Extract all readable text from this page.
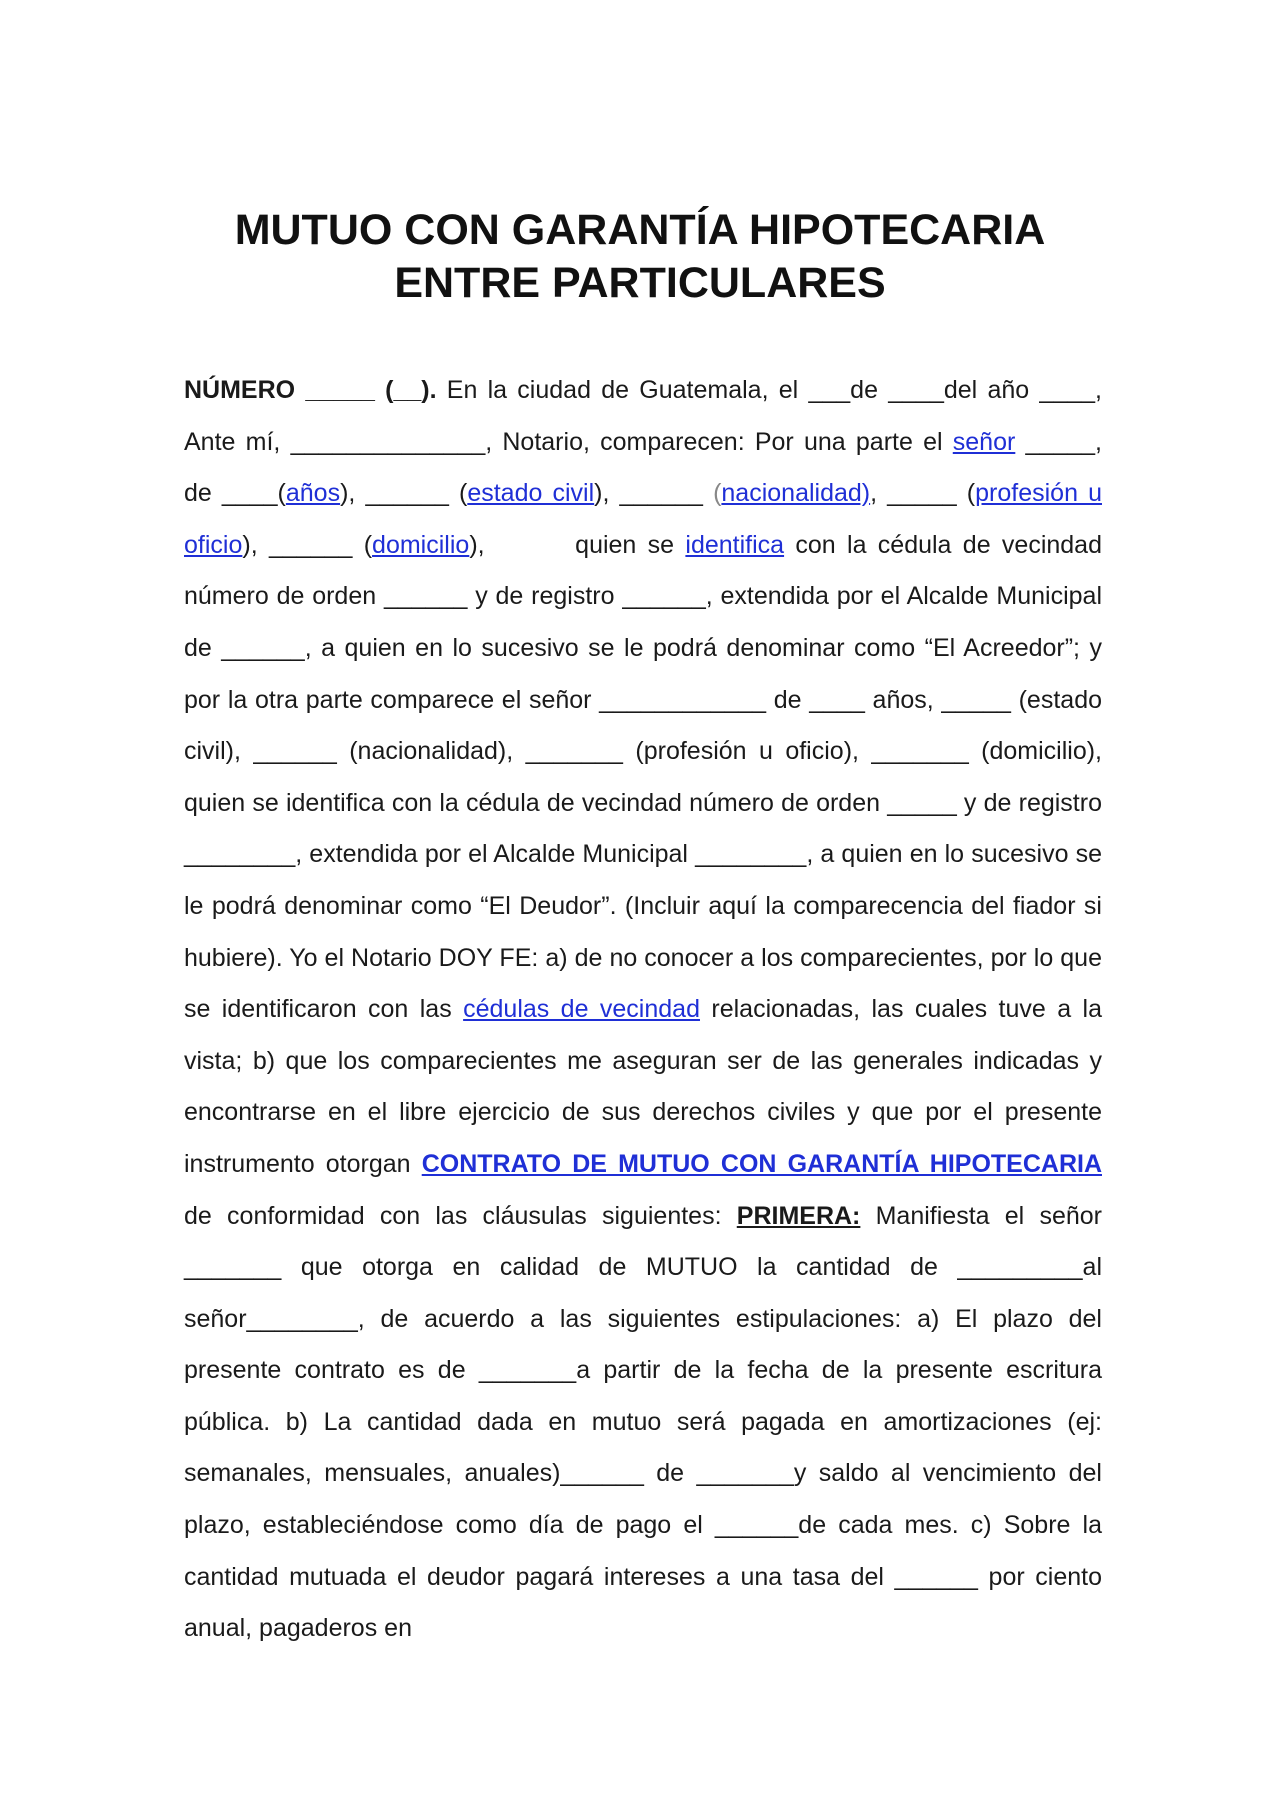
MUTUO CON GARANTÍA HIPOTECARIA
ENTRE PARTICULARES

NÚMERO _____ (__). En la ciudad de Guatemala, el ___de ____del año ____, Ante mí, ______________, Notario, comparecen: Por una parte el señor _____, de ____(años), ______ (estado civil), ______ (nacionalidad), _____ (profesión u oficio), ______ (domicilio),        quien se identifica con la cédula de vecindad número de orden ______ y de registro ______, extendida por el Alcalde Municipal de ______, a quien en lo sucesivo se le podrá denominar como “El Acreedor”; y por la otra parte comparece el señor ____________ de ____ años, _____ (estado civil), ______ (nacionalidad), _______ (profesión u oficio), _______ (domicilio), quien se identifica con la cédula de vecindad número de orden _____ y de registro ________, extendida por el Alcalde Municipal ________, a quien en lo sucesivo se le podrá denominar como “El Deudor”. (Incluir aquí la comparecencia del fiador si hubiere). Yo el Notario DOY FE: a) de no conocer a los comparecientes, por lo que se identificaron con las cédulas de vecindad relacionadas, las cuales tuve a la vista; b) que los comparecientes me aseguran ser de las generales indicadas y encontrarse en el libre ejercicio de sus derechos civiles y que por el presente instrumento otorgan CONTRATO DE MUTUO CON GARANTÍA HIPOTECARIA de conformidad con las cláusulas siguientes: PRIMERA: Manifiesta el señor _______ que otorga en calidad de MUTUO la cantidad de _________al señor________, de acuerdo a las siguientes estipulaciones: a) El plazo del presente contrato es de _______a partir de la fecha de la presente escritura pública. b) La cantidad dada en mutuo será pagada en amortizaciones (ej: semanales, mensuales, anuales)______ de _______y saldo al vencimiento del plazo, estableciéndose como día de pago el ______de cada mes. c) Sobre la cantidad mutuada el deudor pagará intereses a una tasa del ______ por ciento anual, pagaderos en
